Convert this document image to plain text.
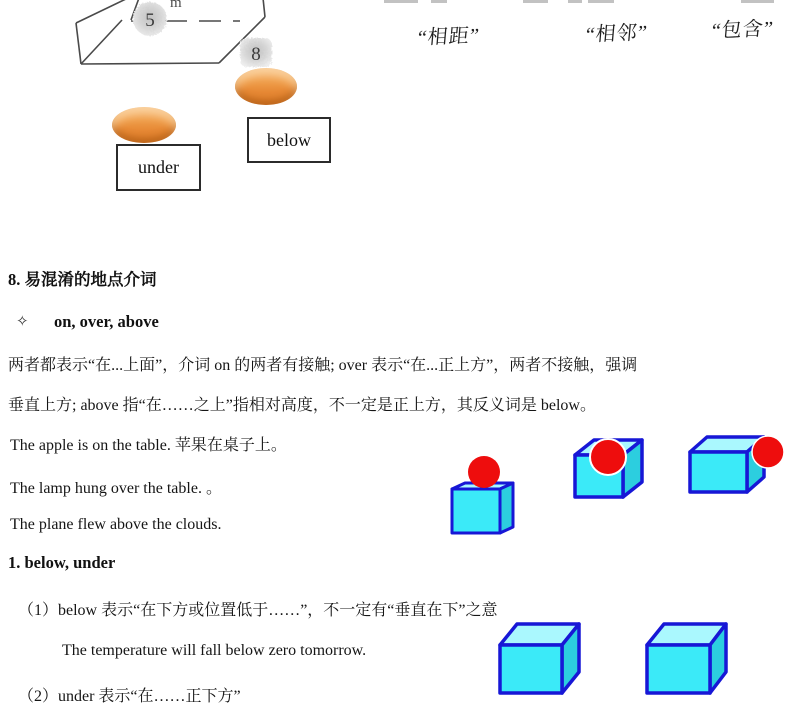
m
5
8
below
under
“相距”	“相邻”	“包含”
8. 易混淆的地点介词
✧ on, over, above
两者都表示“在...上面”，介词 on 的两者有接触; over 表示“在...正上方”，两者不接触，强调
垂直上方; above 指“在……之上”指相对高度，不一定是正上方，其反义词是 below。
The apple is on the table. 苹果在桌子上。
The lamp hung over the table. 。
The plane flew above the clouds.
1. below, under
（1）below 表示“在下方或位置低于……”，不一定有“垂直在下”之意
The temperature will fall below zero tomorrow.
（2）under 表示“在……正下方”
